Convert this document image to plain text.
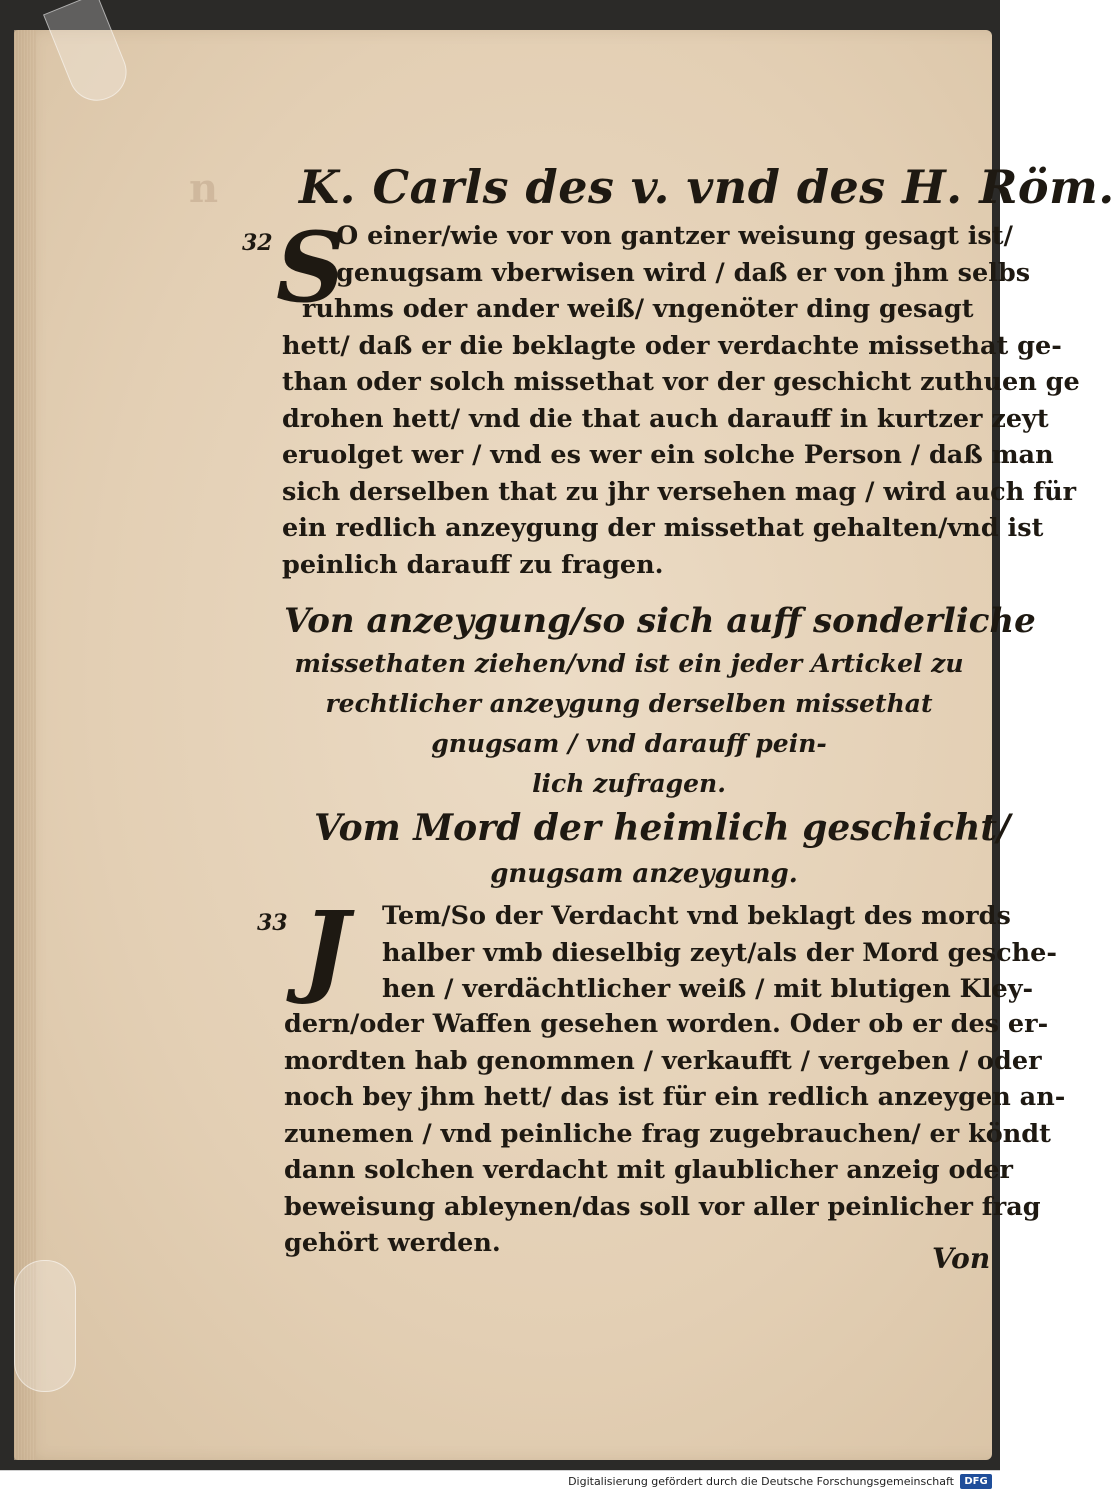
n K. Carls des v. vnd des H. Röm.
32 S
O einer/wie vor von gantzer weisung gesagt ist/
genugsam vberwisen wird / daß er von jhm selbs
ruhms oder ander weiß/ vngenöter ding gesagt
hett/ daß er die beklagte oder verdachte missethat ge-
than oder solch missethat vor der geschicht zuthuen ge
drohen hett/ vnd die that auch darauff in kurtzer zeyt
eruolget wer / vnd es wer ein solche Person / daß man
sich derselben that zu jhr versehen mag / wird auch für
ein redlich anzeygung der missethat gehalten/vnd ist
peinlich darauff zu fragen.
Von anzeygung/so sich auff sonderliche
missethaten ziehen/vnd ist ein jeder Artickel zu
rechtlicher anzeygung derselben missethat
gnugsam / vnd darauff pein-
lich zufragen.
Vom Mord der heimlich geschicht/
gnugsam anzeygung.
33 J Tem/So der Verdacht vnd beklagt des mords
halber vmb dieselbig zeyt/als der Mord gesche-
hen / verdächtlicher weiß / mit blutigen Kley-
dern/oder Waffen gesehen worden. Oder ob er des er-
mordten hab genommen / verkaufft / vergeben / oder
noch bey jhm hett/ das ist für ein redlich anzeygen an-
zunemen / vnd peinliche frag zugebrauchen/ er köndt
dann solchen verdacht mit glaublicher anzeig oder
beweisung ableynen/das soll vor aller peinlicher frag
gehört werden.	Von
Digitalisierung gefördert durch die Deutsche Forschungsgemeinschaft	DFG
